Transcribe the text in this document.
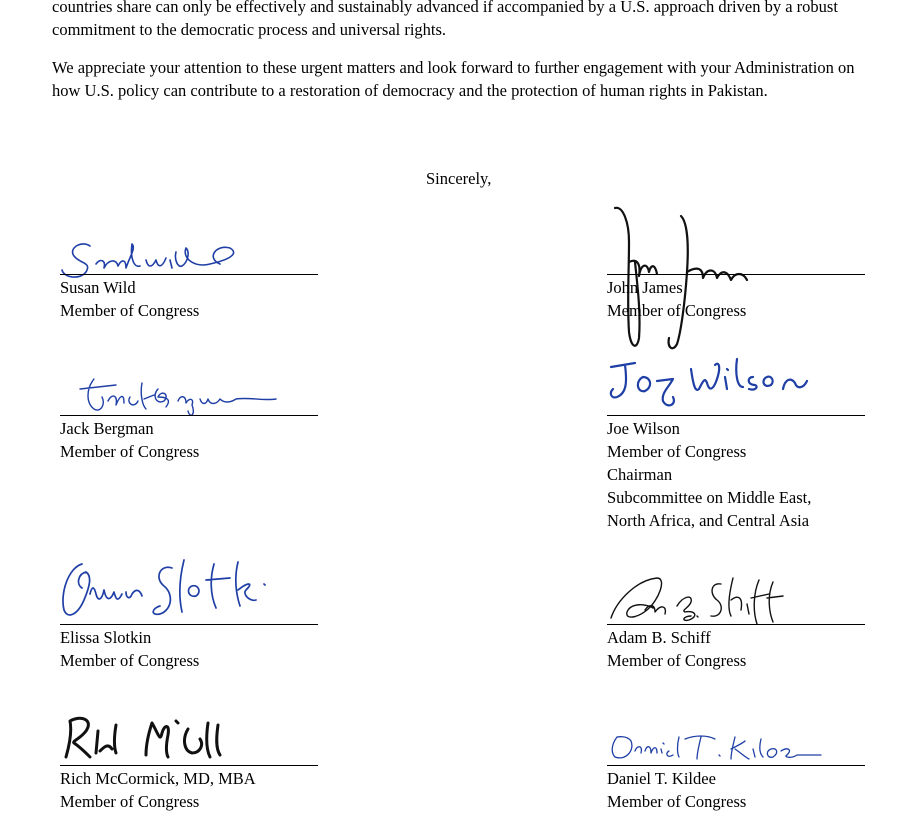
countries share can only be effectively and sustainably advanced if accompanied by a U.S. approach driven by a robust commitment to the democratic process and universal rights.

We appreciate your attention to these urgent matters and look forward to further engagement with your Administration on how U.S. policy can contribute to a restoration of democracy and the protection of human rights in Pakistan.

Sincerely,
Susan Wild
Member of Congress
John James
Member of Congress
Jack Bergman
Member of Congress
Joe Wilson
Member of Congress
Chairman
Subcommittee on Middle East,
North Africa, and Central Asia
Elissa Slotkin
Member of Congress
Adam B. Schiff
Member of Congress
Rich McCormick, MD, MBA
Member of Congress
Daniel T. Kildee
Member of Congress
